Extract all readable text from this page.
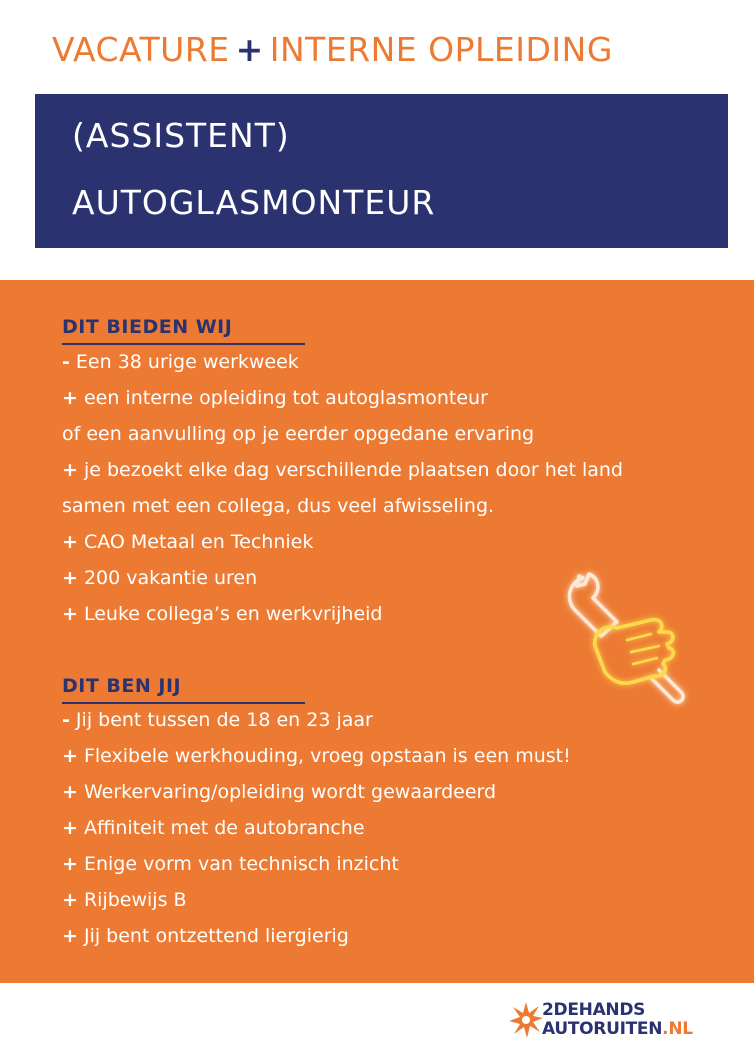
VACATURE + INTERNE OPLEIDING
(ASSISTENT)
AUTOGLASMONTEUR
DIT BIEDEN WIJ
- Een 38 urige werkweek
+ een interne opleiding tot autoglasmonteur
of een aanvulling op je eerder opgedane ervaring
+ je bezoekt elke dag verschillende plaatsen door het land
samen met een collega, dus veel afwisseling.
+ CAO Metaal en Techniek
+ 200 vakantie uren
+ Leuke collega’s en werkvrijheid
DIT BEN JIJ
- Jij bent tussen de 18 en 23 jaar
+ Flexibele werkhouding, vroeg opstaan is een must!
+ Werkervaring/opleiding wordt gewaardeerd
+ Affiniteit met de autobranche
+ Enige vorm van technisch inzicht
+ Rijbewijs B
+ Jij bent ontzettend liergierig
2DEHANDS
AUTORUITEN.NL
